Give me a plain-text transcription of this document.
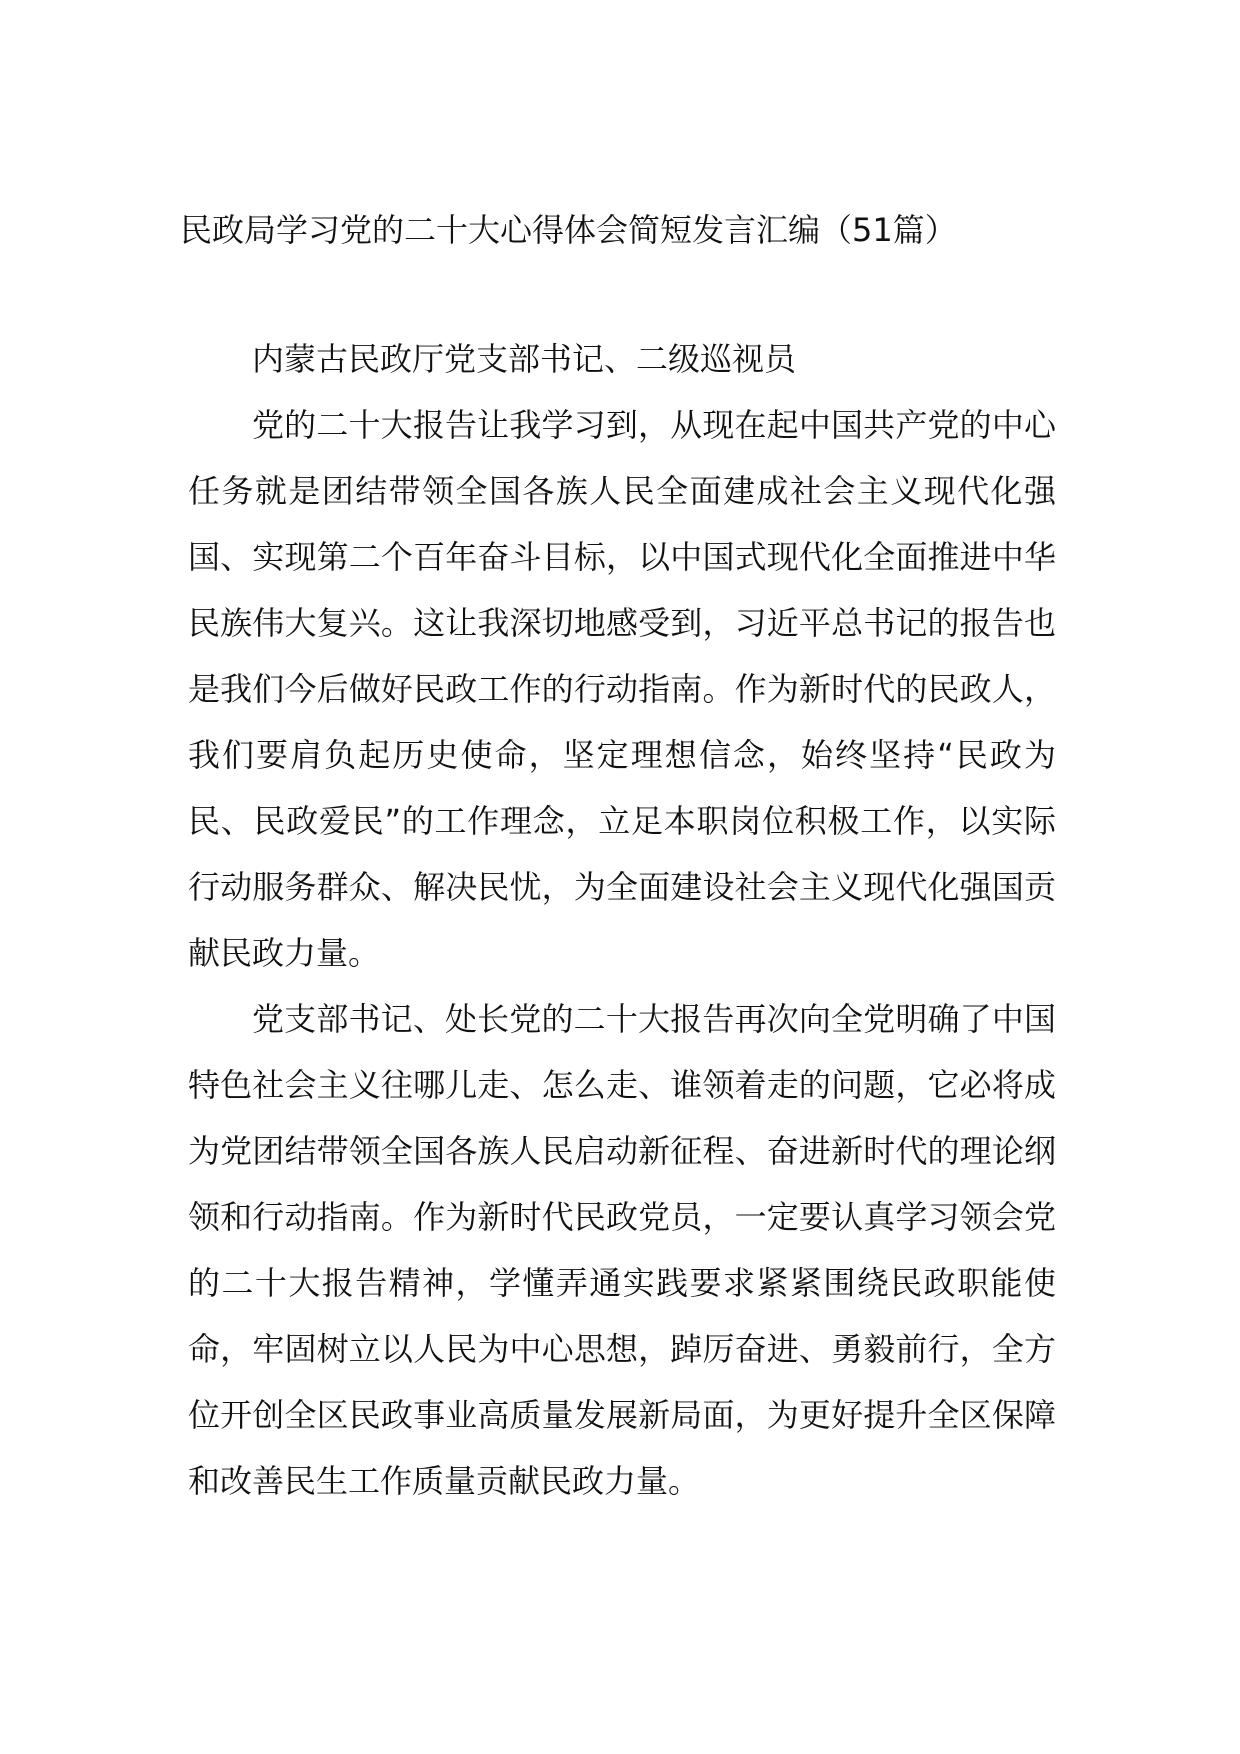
民政局学习党的二十大心得体会简短发言汇编（51篇）

内蒙古民政厅党支部书记、二级巡视员

党的二十大报告让我学习到，从现在起中国共产党的中心任务就是团结带领全国各族人民全面建成社会主义现代化强国、实现第二个百年奋斗目标，以中国式现代化全面推进中华民族伟大复兴。这让我深切地感受到，习近平总书记的报告也是我们今后做好民政工作的行动指南。作为新时代的民政人，我们要肩负起历史使命，坚定理想信念，始终坚持“民政为民、民政爱民”的工作理念，立足本职岗位积极工作，以实际行动服务群众、解决民忧，为全面建设社会主义现代化强国贡献民政力量。

党支部书记、处长党的二十大报告再次向全党明确了中国特色社会主义往哪儿走、怎么走、谁领着走的问题，它必将成为党团结带领全国各族人民启动新征程、奋进新时代的理论纲领和行动指南。作为新时代民政党员，一定要认真学习领会党的二十大报告精神，学懂弄通实践要求紧紧围绕民政职能使命，牢固树立以人民为中心思想，踔厉奋进、勇毅前行，全方位开创全区民政事业高质量发展新局面，为更好提升全区保障和改善民生工作质量贡献民政力量。
